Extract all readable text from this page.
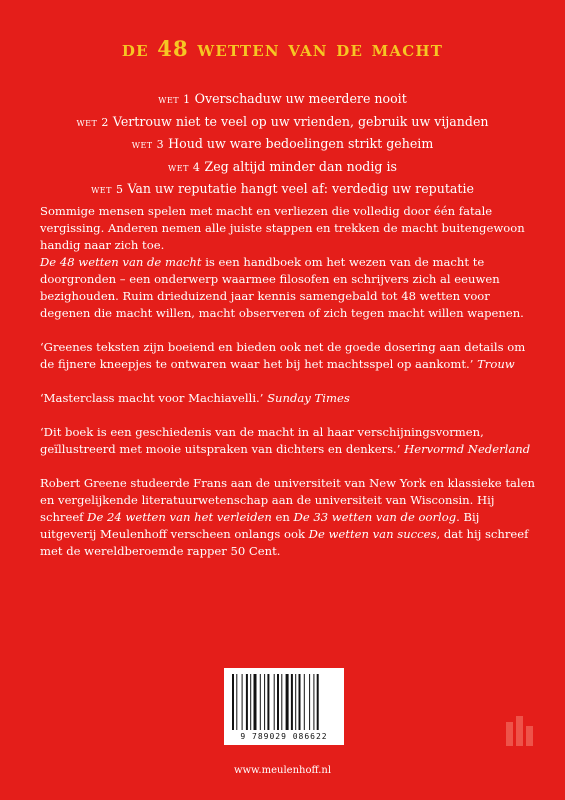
de 48 wetten van de macht
wet 1 Overschaduw uw meerdere nooit
wet 2 Vertrouw niet te veel op uw vrienden, gebruik uw vijanden
wet 3 Houd uw ware bedoelingen strikt geheim
wet 4 Zeg altijd minder dan nodig is
wet 5 Van uw reputatie hangt veel af: verdedig uw reputatie

Sommige mensen spelen met macht en verliezen die volledig door één fatale vergissing. Anderen nemen alle juiste stappen en trekken de macht buitengewoon handig naar zich toe.

De 48 wetten van de macht is een handboek om het wezen van de macht te doorgronden – een onderwerp waarmee filosofen en schrijvers zich al eeuwen bezighouden. Ruim drieduizend jaar kennis samengebald tot 48 wetten voor degenen die macht willen, macht observeren of zich tegen macht willen wapenen.

‘Greenes teksten zijn boeiend en bieden ook net de goede dosering aan details om de fijnere kneepjes te ontwaren waar het bij het machtsspel op aankomt.’ Trouw

‘Masterclass macht voor Machiavelli.’ Sunday Times

‘Dit boek is een geschiedenis van de macht in al haar verschijningsvormen, geïllustreerd met mooie uitspraken van dichters en denkers.’ Hervormd Nederland

Robert Greene studeerde Frans aan de universiteit van New York en klassieke talen en vergelijkende literatuurwetenschap aan de universiteit van Wisconsin. Hij schreef De 24 wetten van het verleiden en De 33 wetten van de oorlog. Bij uitgeverij Meulenhoff verscheen onlangs ook De wetten van succes, dat hij schreef met de wereldberoemde rapper 50 Cent.

9 789029 086622
www.meulenhoff.nl
